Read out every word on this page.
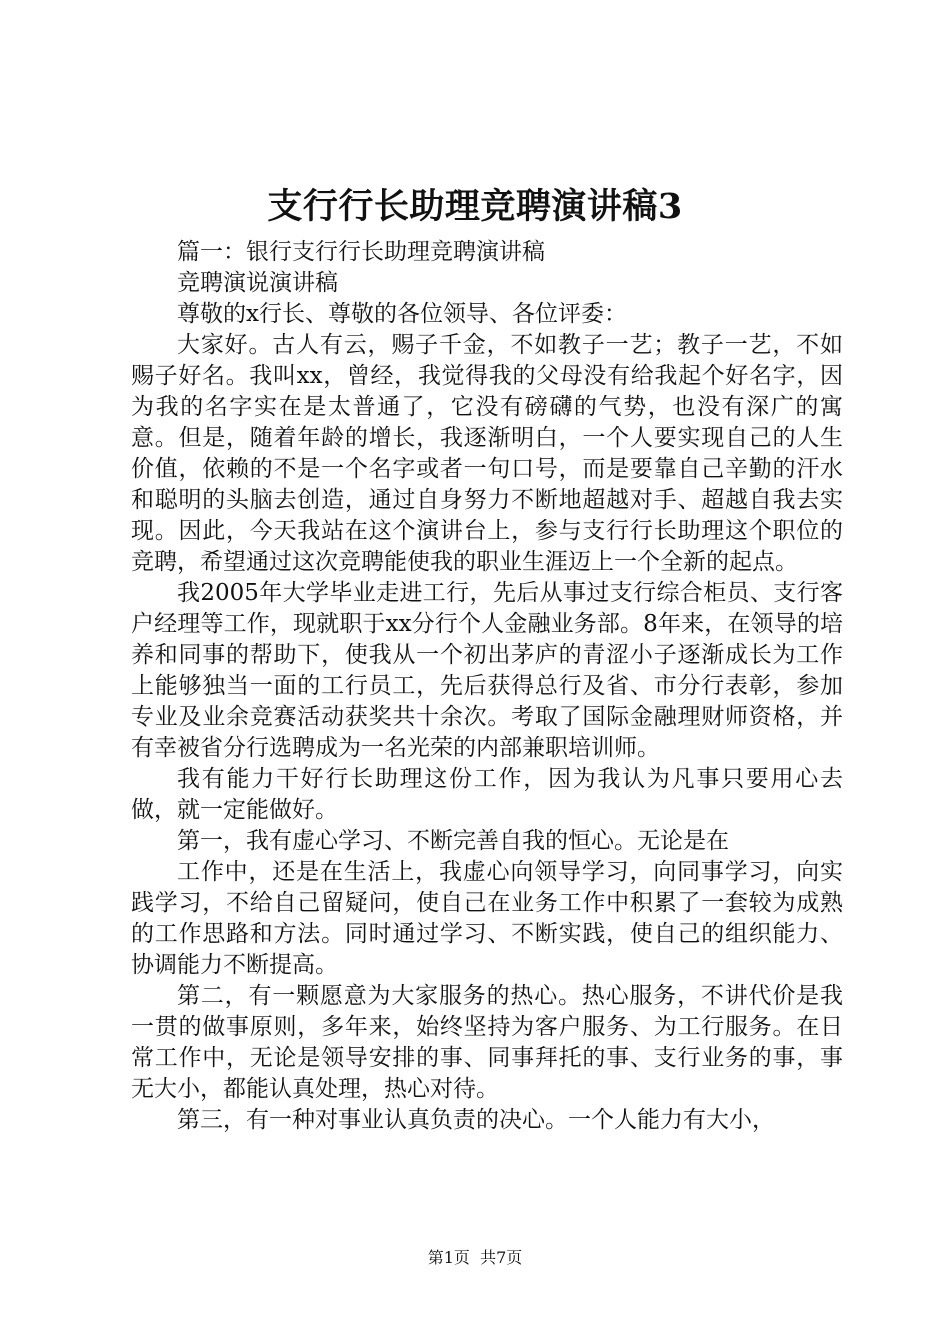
支行行长助理竞聘演讲稿3

篇一：银行支行行长助理竞聘演讲稿

竞聘演说演讲稿

尊敬的x行长、尊敬的各位领导、各位评委：

大家好。古人有云，赐子千金，不如教子一艺；教子一艺，不如赐子好名。我叫xx，曾经，我觉得我的父母没有给我起个好名字，因为我的名字实在是太普通了，它没有磅礴的气势，也没有深广的寓意。但是，随着年龄的增长，我逐渐明白，一个人要实现自己的人生价值，依赖的不是一个名字或者一句口号，而是要靠自己辛勤的汗水和聪明的头脑去创造，通过自身努力不断地超越对手、超越自我去实现。因此，今天我站在这个演讲台上，参与支行行长助理这个职位的竞聘，希望通过这次竞聘能使我的职业生涯迈上一个全新的起点。

我2005年大学毕业走进工行，先后从事过支行综合柜员、支行客户经理等工作，现就职于xx分行个人金融业务部。8年来，在领导的培养和同事的帮助下，使我从一个初出茅庐的青涩小子逐渐成长为工作上能够独当一面的工行员工，先后获得总行及省、市分行表彰，参加专业及业余竞赛活动获奖共十余次。考取了国际金融理财师资格，并有幸被省分行选聘成为一名光荣的内部兼职培训师。

我有能力干好行长助理这份工作，因为我认为凡事只要用心去做，就一定能做好。

第一，我有虚心学习、不断完善自我的恒心。无论是在

工作中，还是在生活上，我虚心向领导学习，向同事学习，向实践学习，不给自己留疑问，使自己在业务工作中积累了一套较为成熟的工作思路和方法。同时通过学习、不断实践，使自己的组织能力、协调能力不断提高。

第二，有一颗愿意为大家服务的热心。热心服务，不讲代价是我一贯的做事原则，多年来，始终坚持为客户服务、为工行服务。在日常工作中，无论是领导安排的事、同事拜托的事、支行业务的事，事无大小，都能认真处理，热心对待。

第三，有一种对事业认真负责的决心。一个人能力有大小，

第1页  共7页
